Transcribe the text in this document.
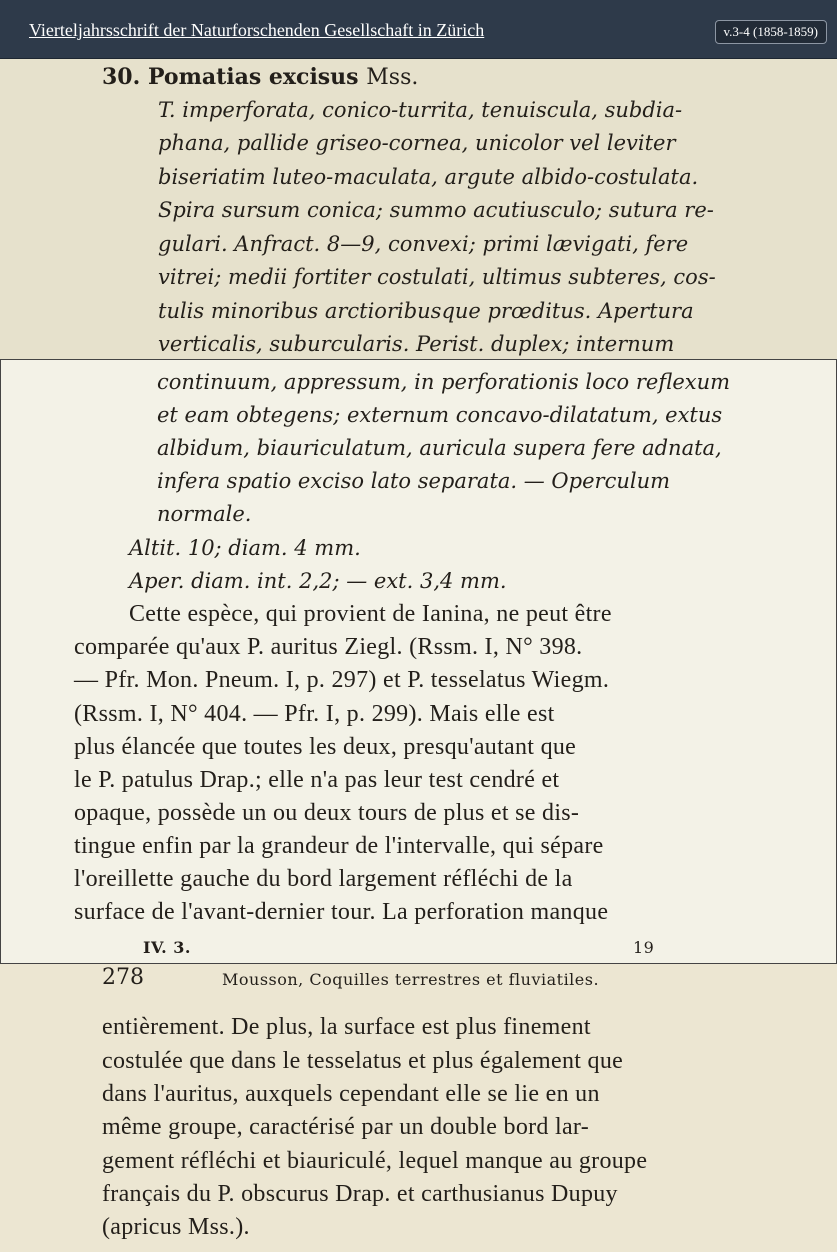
Vierteljahrsschrift der Naturforschenden Gesellschaft in Zürich	v.3-4 (1858-1859)
30. Pomatias excisus Mss.
T. imperforata, conico-turrita, tenuiscula, subdia-
phana, pallide griseo-cornea, unicolor vel leviter
biseriatim luteo-maculata, argute albido-costulata.
Spira sursum conica; summo acutiusculo; sutura re-
gulari. Anfract. 8—9, convexi; primi lævigati, fere
vitrei; medii fortiter costulati, ultimus subteres, cos-
tulis minoribus arctioribusque prœditus. Apertura
verticalis, suburcularis. Perist. duplex; internum
continuum, appressum, in perforationis loco reflexum
et eam obtegens; externum concavo-dilatatum, extus
albidum, biauriculatum, auricula supera fere adnata,
infera spatio exciso lato separata. — Operculum
normale.
Altit. 10; diam. 4 mm.
Aper. diam. int. 2,2; — ext. 3,4 mm.
Cette espèce, qui provient de Ianina, ne peut être
comparée qu'aux P. auritus Ziegl. (Rssm. I, N° 398.
— Pfr. Mon. Pneum. I, p. 297) et P. tesselatus Wiegm.
(Rssm. I, N° 404. — Pfr. I, p. 299). Mais elle est
plus élancée que toutes les deux, presqu'autant que
le P. patulus Drap.; elle n'a pas leur test cendré et
opaque, possède un ou deux tours de plus et se dis-
tingue enfin par la grandeur de l'intervalle, qui sépare
l'oreillette gauche du bord largement réfléchi de la
surface de l'avant-dernier tour. La perforation manque
IV. 3.	19
278	Mousson, Coquilles terrestres et fluviatiles.
entièrement. De plus, la surface est plus finement
costulée que dans le tesselatus et plus également que
dans l'auritus, auxquels cependant elle se lie en un
même groupe, caractérisé par un double bord lar-
gement réfléchi et biauriculé, lequel manque au groupe
français du P. obscurus Drap. et carthusianus Dupuy
(apricus Mss.).
